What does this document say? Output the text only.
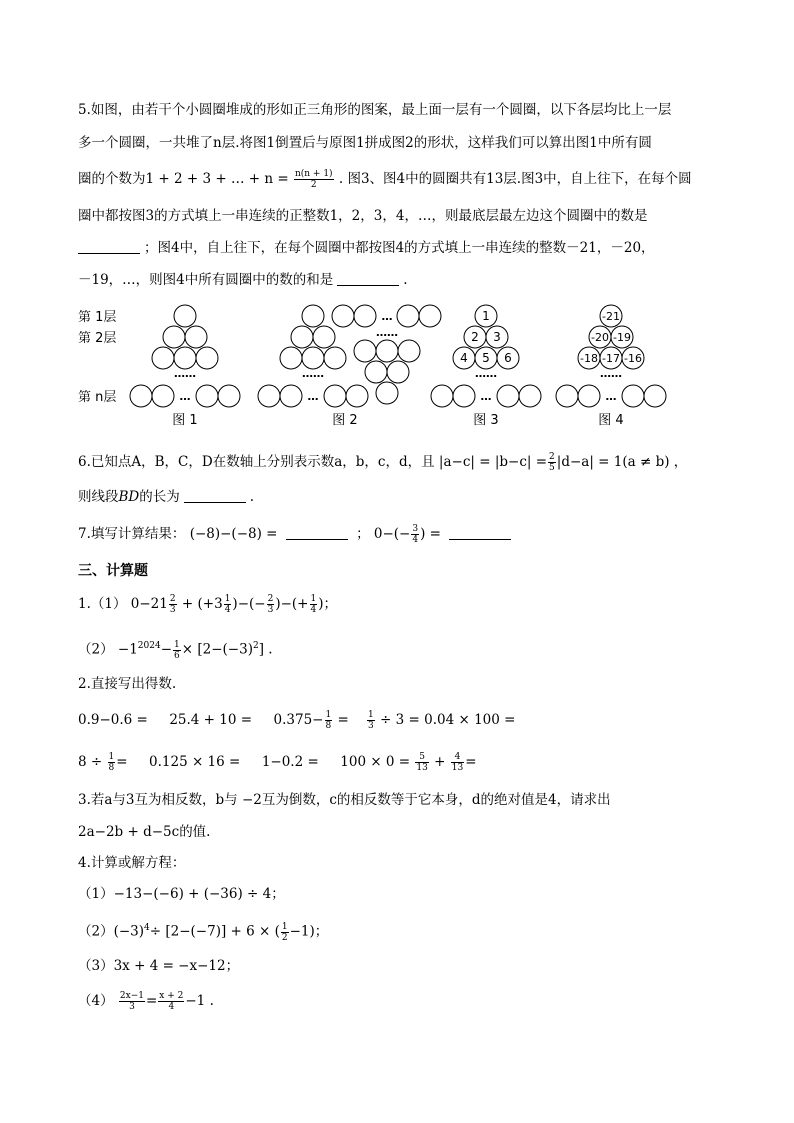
5.如图，由若干个小圆圈堆成的形如正三角形的图案，最上面一层有一个圆圈，以下各层均比上一层
多一个圆圈，一共堆了n层.将图1倒置后与原图1拼成图2的形状，这样我们可以算出图1中所有圆
圈的个数为1 + 2 + 3 + … + $n = \frac{n(n + 1)}{2}$ . 图3、图4中的圆圈共有13层.图3中，自上往下，在每个圆
圈中都按图3的方式填上一串连续的正整数1，2，3，4，…，则最底层最左边这个圆圈中的数是
；图4中，自上往下，在每个圆圈中都按图4的方式填上一串连续的整数－21，－20，
－19，…，则图4中所有圆圈中的数的和是	.
第 1层
第 2层
第 n层
……
…
……
…
…
……
……
…
……
…
1
2 3
4 5 6
-21
-20 -19
-18 -17 -16
图 1	图 2	图 3	图 4
6.已知点A，B，C，D在数轴上分别表示数a，b，c，d，且 $|a-c| = |b-c| = \frac{2}{5} |d-a| = 1(a \ne b)$ ，
则线段BD的长为	.
7.填写计算结果： (−8)−(−8) =	； $0-(- \frac{3}{4}$ ) =
三、计算题
1.（1） $0-21 \frac{2}{3} + (+3 \frac{1}{4}$ )−(− $\frac{2}{3}$ )−(+ $\frac{1}{4}$ )；
$(2) -1^{2024}- \frac{1}{6} \times [2-(-3)^2]$ .
2.直接写出得数.
$0.9-0.6 = 25.4 + 10 = 0.375- \frac{1}{8} = \frac{1}{3} \div 3 = 0.04 \times 100$ =
$8 \div \frac{1}{8} = 0.125 \times 16 = 1-0.2 = 100 \times 0 = \frac{5}{13} + \frac{4}{13}$ =
3.若a与3互为相反数，b与 −2互为倒数，c的相反数等于它本身，d的绝对值是4，请求出
2a−2b + d−5c的值.
4.计算或解方程：
（1）−13−(−6) + (−36) ÷ 4；
$(2)(-3)^4\div [2-(-7)] + 6$ × ( $\frac{1}{2} -1$)；
（3）3x + 4 = −x−12；
$(4) \frac{2x-1}{3} = \frac{x + 2}{4} -1$ .
